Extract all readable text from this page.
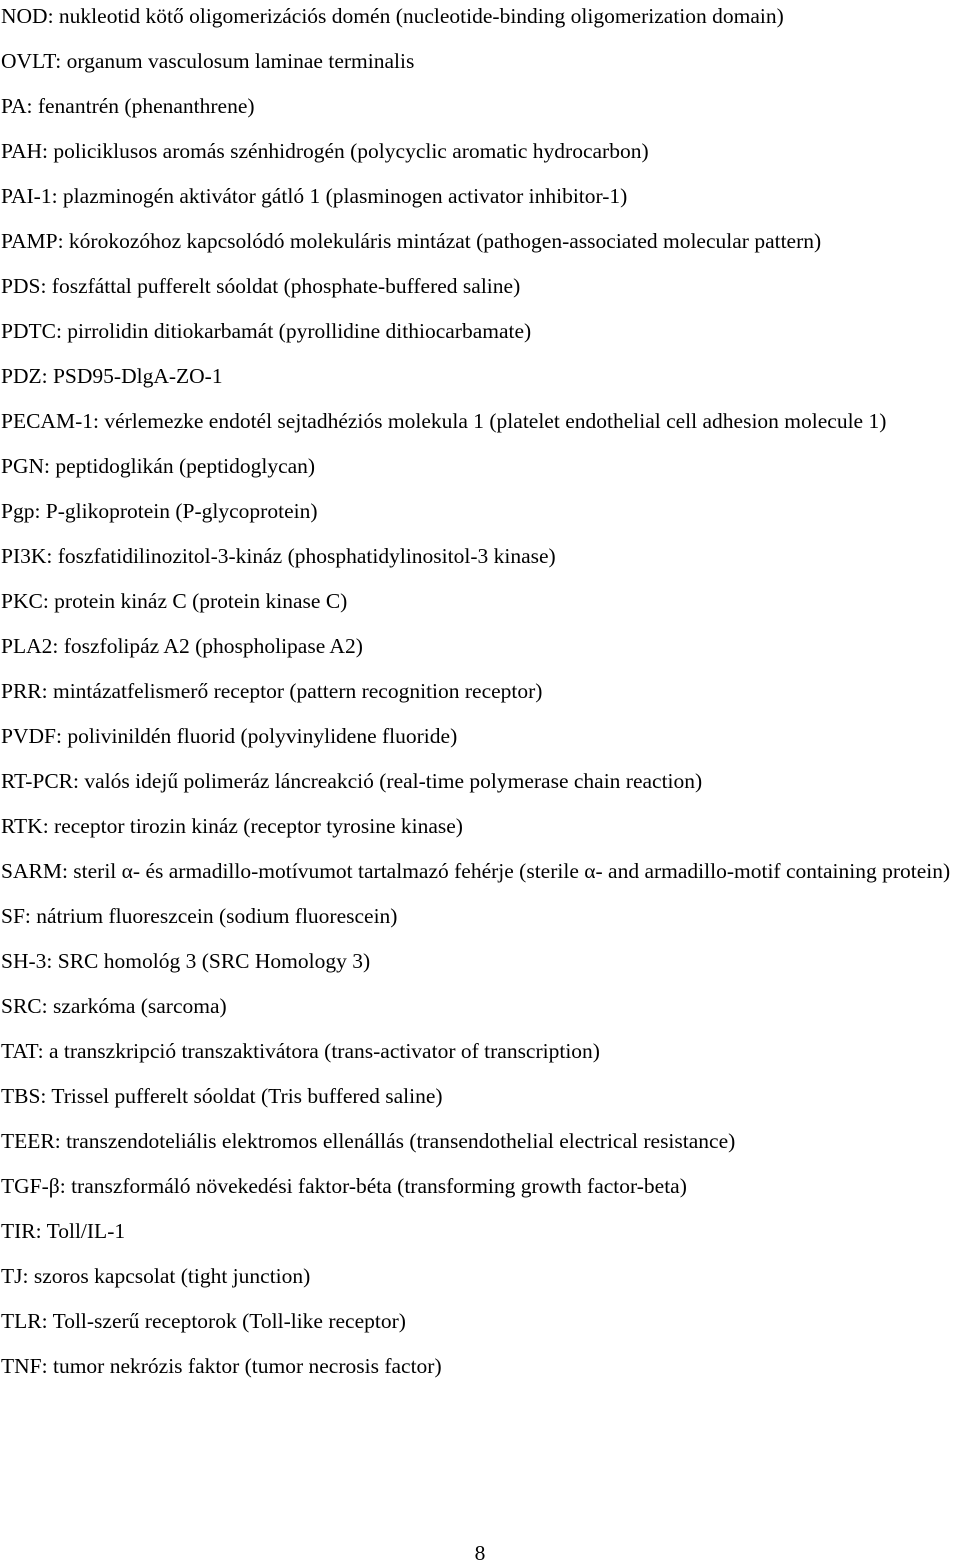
NOD: nukleotid kötő oligomerizációs domén (nucleotide-binding oligomerization domain)
OVLT: organum vasculosum laminae terminalis
PA: fenantrén (phenanthrene)
PAH: policiklusos aromás szénhidrogén (polycyclic aromatic hydrocarbon)
PAI-1: plazminogén aktivátor gátló 1 (plasminogen activator inhibitor-1)
PAMP: kórokozóhoz kapcsolódó molekuláris mintázat (pathogen-associated molecular pattern)
PDS: foszfáttal pufferelt sóoldat (phosphate-buffered saline)
PDTC: pirrolidin ditiokarbamát (pyrollidine dithiocarbamate)
PDZ: PSD95-DlgA-ZO-1
PECAM-1: vérlemezke endotél sejtadhéziós molekula 1 (platelet endothelial cell adhesion molecule 1)
PGN: peptidoglikán (peptidoglycan)
Pgp: P-glikoprotein (P-glycoprotein)
PI3K: foszfatidilinozitol-3-kináz (phosphatidylinositol-3 kinase)
PKC: protein kináz C (protein kinase C)
PLA2: foszfolipáz A2 (phospholipase A2)
PRR: mintázatfelismerő receptor (pattern recognition receptor)
PVDF: polivinildén fluorid (polyvinylidene fluoride)
RT-PCR: valós idejű polimeráz láncreakció (real-time polymerase chain reaction)
RTK: receptor tirozin kináz (receptor tyrosine kinase)
SARM: steril α- és armadillo-motívumot tartalmazó fehérje (sterile α- and armadillo-motif containing protein)
SF: nátrium fluoreszcein (sodium fluorescein)
SH-3: SRC homológ 3 (SRC Homology 3)
SRC: szarkóma (sarcoma)
TAT: a transzkripció transzaktivátora (trans-activator of transcription)
TBS: Trissel pufferelt sóoldat (Tris buffered saline)
TEER: transzendoteliális elektromos ellenállás (transendothelial electrical resistance)
TGF-β: transzformáló növekedési faktor-béta (transforming growth factor-beta)
TIR: Toll/IL-1
TJ: szoros kapcsolat (tight junction)
TLR: Toll-szerű receptorok (Toll-like receptor)
TNF: tumor nekrózis faktor (tumor necrosis factor)
8
